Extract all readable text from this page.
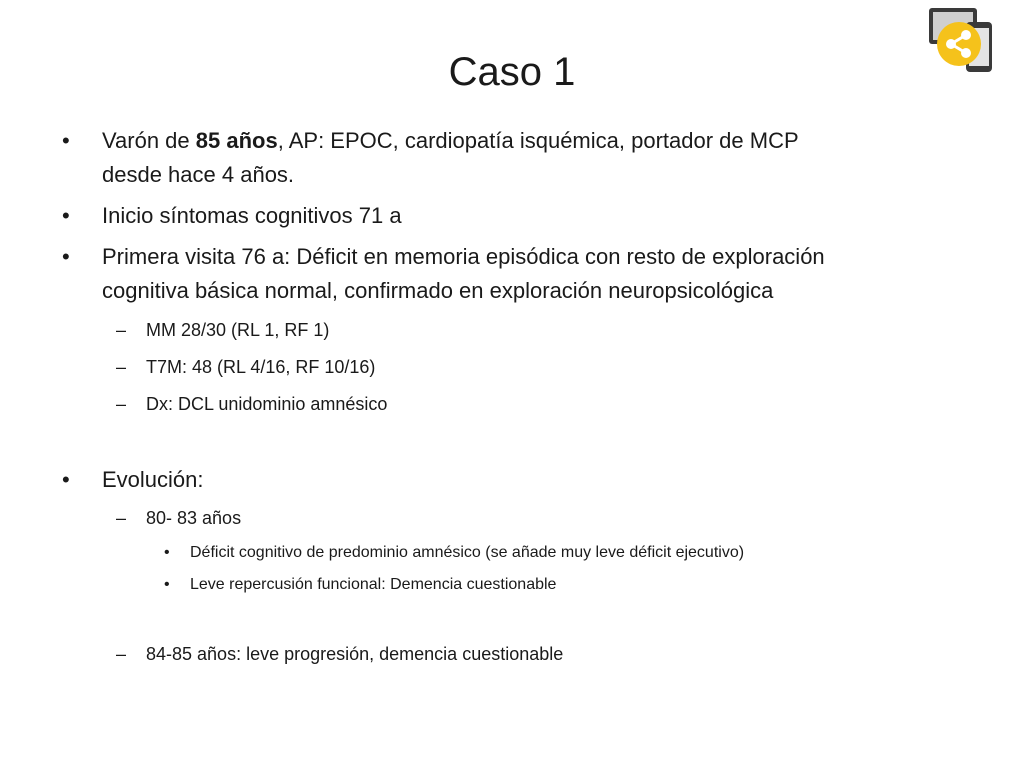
Caso 1
• Varón de 85 años, AP: EPOC, cardiopatía isquémica, portador de MCP
desde hace 4 años.
• Inicio síntomas cognitivos 71 a
• Primera visita 76 a: Déficit en memoria episódica con resto de exploración
cognitiva básica normal, confirmado en exploración neuropsicológica
– MM 28/30 (RL 1, RF 1)
– T7M: 48 (RL 4/16, RF 10/16)
– Dx: DCL unidominio amnésico
• Evolución:
– 80- 83 años
• Déficit cognitivo de predominio amnésico (se añade muy leve déficit ejecutivo)
• Leve repercusión funcional: Demencia cuestionable
– 84-85 años: leve progresión, demencia cuestionable
